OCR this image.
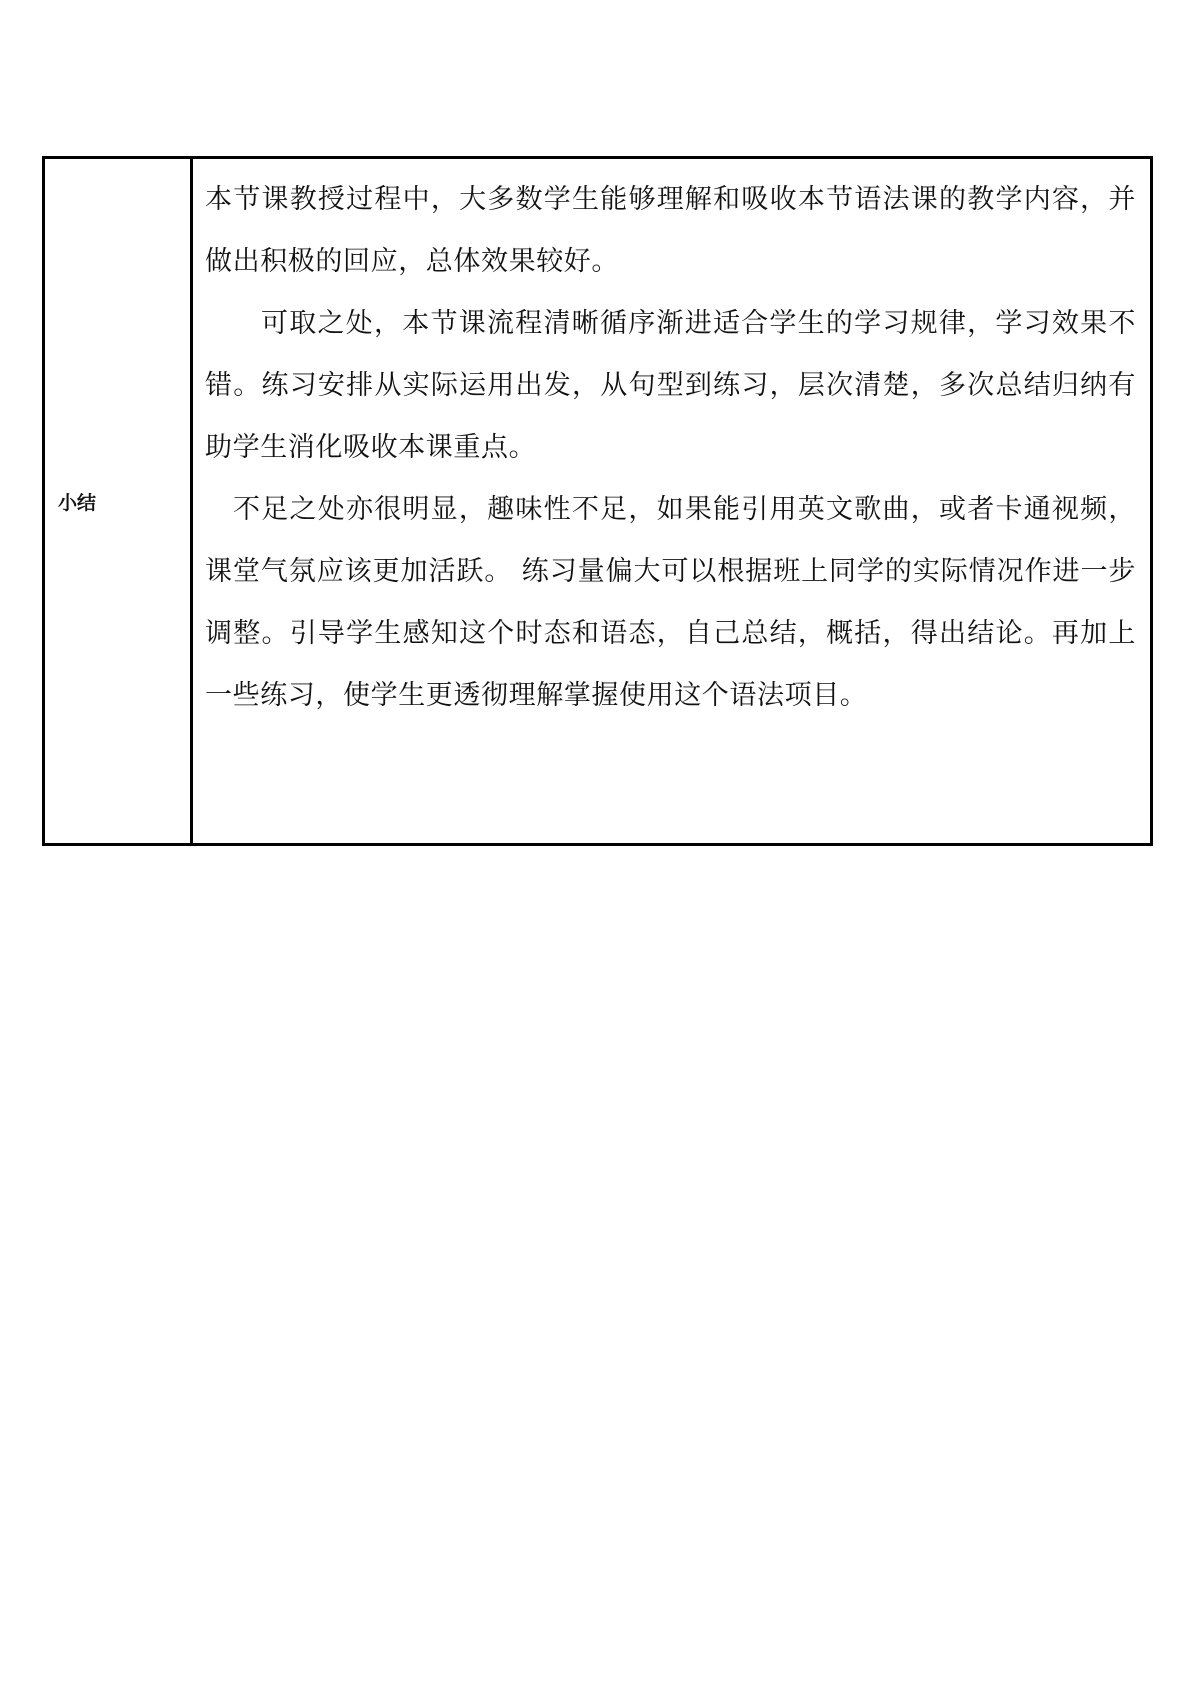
小结

本节课教授过程中，大多数学生能够理解和吸收本节语法课的教学内容，并做出积极的回应，总体效果较好。

可取之处，本节课流程清晰循序渐进适合学生的学习规律，学习效果不错。练习安排从实际运用出发，从句型到练习，层次清楚，多次总结归纳有助学生消化吸收本课重点。

不足之处亦很明显，趣味性不足，如果能引用英文歌曲，或者卡通视频，课堂气氛应该更加活跃。 练习量偏大可以根据班上同学的实际情况作进一步调整。引导学生感知这个时态和语态，自己总结，概括，得出结论。再加上一些练习，使学生更透彻理解掌握使用这个语法项目。
